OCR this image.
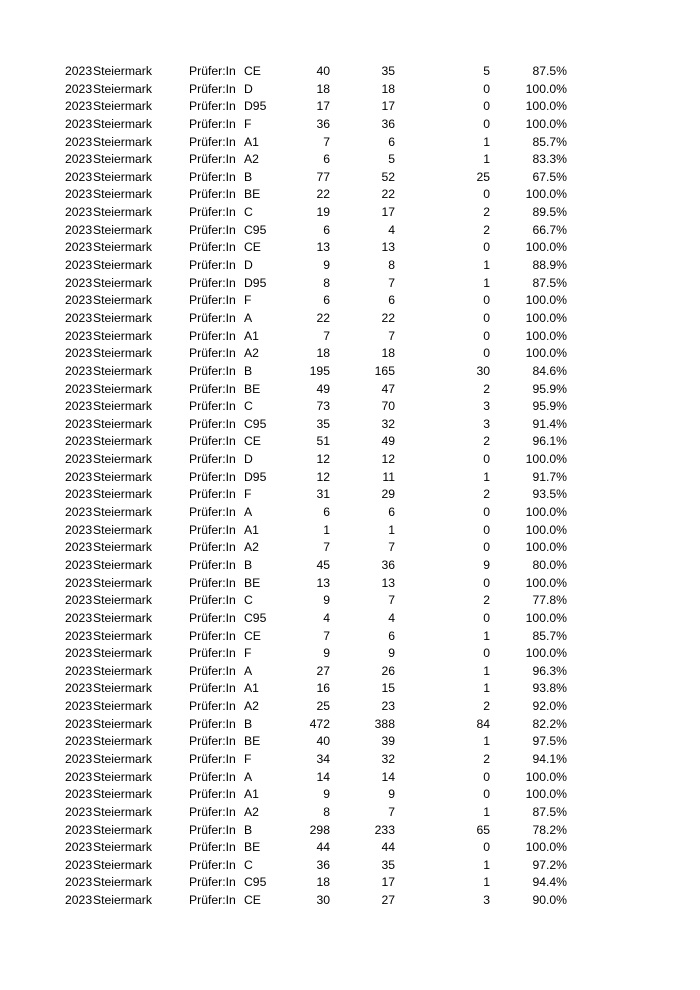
2023 Steiermark	Prüfer:In CE	40	35	5	87.5%
2023 Steiermark	Prüfer:In D	18	18	0	100.0%
2023 Steiermark	Prüfer:In D95	17	17	0	100.0%
2023 Steiermark	Prüfer:In F	36	36	0	100.0%
2023 Steiermark	Prüfer:In A1	7	6	1	85.7%
2023 Steiermark	Prüfer:In A2	6	5	1	83.3%
2023 Steiermark	Prüfer:In B	77	52	25	67.5%
2023 Steiermark	Prüfer:In BE	22	22	0	100.0%
2023 Steiermark	Prüfer:In C	19	17	2	89.5%
2023 Steiermark	Prüfer:In C95	6	4	2	66.7%
2023 Steiermark	Prüfer:In CE	13	13	0	100.0%
2023 Steiermark	Prüfer:In D	9	8	1	88.9%
2023 Steiermark	Prüfer:In D95	8	7	1	87.5%
2023 Steiermark	Prüfer:In F	6	6	0	100.0%
2023 Steiermark	Prüfer:In A	22	22	0	100.0%
2023 Steiermark	Prüfer:In A1	7	7	0	100.0%
2023 Steiermark	Prüfer:In A2	18	18	0	100.0%
2023 Steiermark	Prüfer:In B	195	165	30	84.6%
2023 Steiermark	Prüfer:In BE	49	47	2	95.9%
2023 Steiermark	Prüfer:In C	73	70	3	95.9%
2023 Steiermark	Prüfer:In C95	35	32	3	91.4%
2023 Steiermark	Prüfer:In CE	51	49	2	96.1%
2023 Steiermark	Prüfer:In D	12	12	0	100.0%
2023 Steiermark	Prüfer:In D95	12	11	1	91.7%
2023 Steiermark	Prüfer:In F	31	29	2	93.5%
2023 Steiermark	Prüfer:In A	6	6	0	100.0%
2023 Steiermark	Prüfer:In A1	1	1	0	100.0%
2023 Steiermark	Prüfer:In A2	7	7	0	100.0%
2023 Steiermark	Prüfer:In B	45	36	9	80.0%
2023 Steiermark	Prüfer:In BE	13	13	0	100.0%
2023 Steiermark	Prüfer:In C	9	7	2	77.8%
2023 Steiermark	Prüfer:In C95	4	4	0	100.0%
2023 Steiermark	Prüfer:In CE	7	6	1	85.7%
2023 Steiermark	Prüfer:In F	9	9	0	100.0%
2023 Steiermark	Prüfer:In A	27	26	1	96.3%
2023 Steiermark	Prüfer:In A1	16	15	1	93.8%
2023 Steiermark	Prüfer:In A2	25	23	2	92.0%
2023 Steiermark	Prüfer:In B	472	388	84	82.2%
2023 Steiermark	Prüfer:In BE	40	39	1	97.5%
2023 Steiermark	Prüfer:In F	34	32	2	94.1%
2023 Steiermark	Prüfer:In A	14	14	0	100.0%
2023 Steiermark	Prüfer:In A1	9	9	0	100.0%
2023 Steiermark	Prüfer:In A2	8	7	1	87.5%
2023 Steiermark	Prüfer:In B	298	233	65	78.2%
2023 Steiermark	Prüfer:In BE	44	44	0	100.0%
2023 Steiermark	Prüfer:In C	36	35	1	97.2%
2023 Steiermark	Prüfer:In C95	18	17	1	94.4%
2023 Steiermark	Prüfer:In CE	30	27	3	90.0%
